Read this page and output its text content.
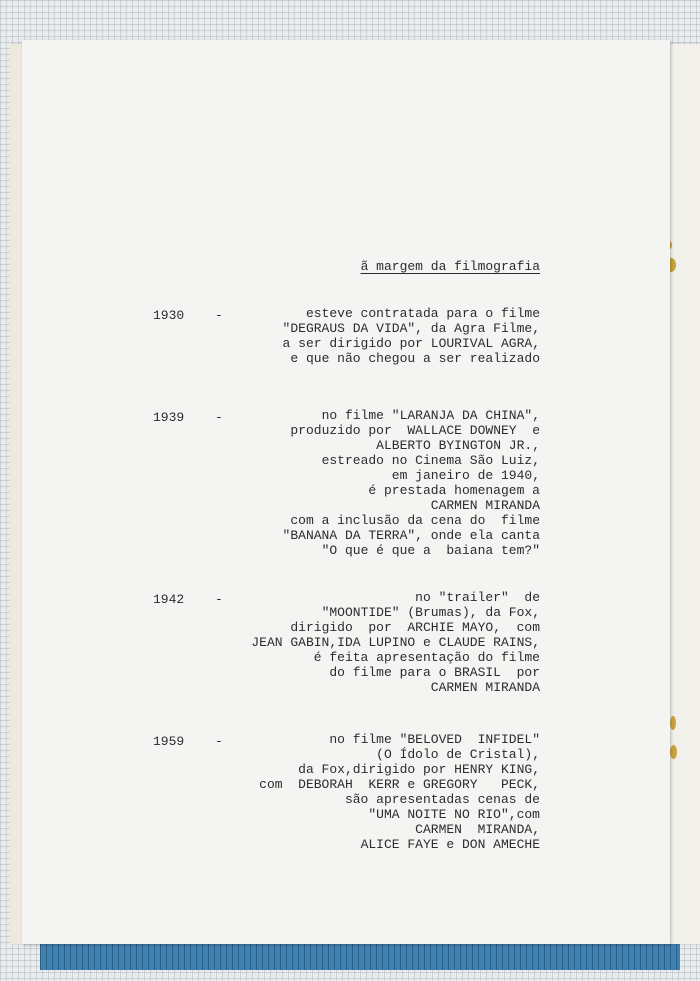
ã margem da filmografia

1930 -	esteve contratada para o filme

"DEGRAUS DA VIDA", da Agra Filme,

a ser dirigido por LOURIVAL AGRA,

e que não chegou a ser realizado

1939 -	no filme "LARANJA DA CHINA",

produzido por  WALLACE DOWNEY  e

ALBERTO BYINGTON JR.,

estreado no Cinema São Luiz,

em janeiro de 1940,

é prestada homenagem a

CARMEN MIRANDA

com a inclusão da cena do  filme

"BANANA DA TERRA", onde ela canta

"O que é que a  baiana tem?"

1942 -	no "trailer"  de

"MOONTIDE" (Brumas), da Fox,

dirigido  por  ARCHIE MAYO,  com

JEAN GABIN,IDA LUPINO e CLAUDE RAINS,

é feita apresentação do filme

do filme para o BRASIL  por

CARMEN MIRANDA

1959 -	no filme "BELOVED  INFIDEL"

(O Ídolo de Cristal),

da Fox,dirigido por HENRY KING,

com  DEBORAH  KERR e GREGORY   PECK,

são apresentadas cenas de

"UMA NOITE NO RIO",com

CARMEN  MIRANDA,

ALICE FAYE e DON AMECHE
